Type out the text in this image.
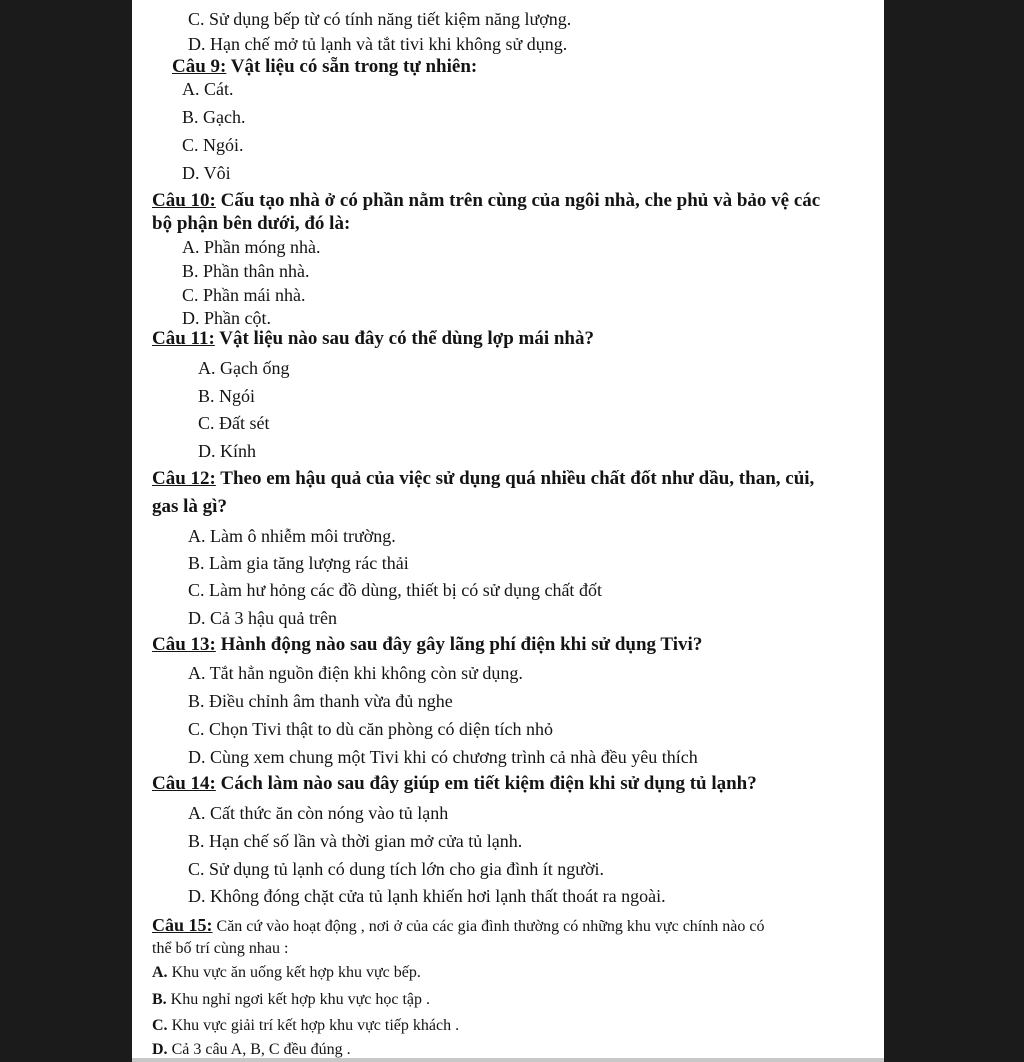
C. Sử dụng bếp từ có tính năng tiết kiệm năng lượng.
D. Hạn chế mở tủ lạnh và tắt tivi khi không sử dụng.
Câu 9: Vật liệu có sẵn trong tự nhiên:
A. Cát.
B. Gạch.
C. Ngói.
D. Vôi
Câu 10: Cấu tạo nhà ở có phần nằm trên cùng của ngôi nhà, che phủ và bảo vệ các
bộ phận bên dưới, đó là:
A. Phần móng nhà.
B. Phần thân nhà.
C. Phần mái nhà.
D. Phần cột.
Câu 11: Vật liệu nào sau đây có thể dùng lợp mái nhà?
A. Gạch ống
B. Ngói
C. Đất sét
D. Kính
Câu 12: Theo em hậu quả của việc sử dụng quá nhiều chất đốt như dầu, than, củi,
gas là gì?
A. Làm ô nhiễm môi trường.
B. Làm gia tăng lượng rác thải
C. Làm hư hỏng các đồ dùng, thiết bị có sử dụng chất đốt
D. Cả 3 hậu quả trên
Câu 13: Hành động nào sau đây gây lãng phí điện khi sử dụng Tivi?
A. Tắt hẳn nguồn điện khi không còn sử dụng.
B. Điều chỉnh âm thanh vừa đủ nghe
C. Chọn Tivi thật to dù căn phòng có diện tích nhỏ
D. Cùng xem chung một Tivi khi có chương trình cả nhà đều yêu thích
Câu 14: Cách làm nào sau đây giúp em tiết kiệm điện khi sử dụng tủ lạnh?
A. Cất thức ăn còn nóng vào tủ lạnh
B. Hạn chế số lần và thời gian mở cửa tủ lạnh.
C. Sử dụng tủ lạnh có dung tích lớn cho gia đình ít người.
D. Không đóng chặt cửa tủ lạnh khiến hơi lạnh thất thoát ra ngoài.
Câu 15: Căn cứ vào hoạt động , nơi ở của các gia đình thường có những khu vực chính nào có
thể bố trí cùng nhau :
A. Khu vực ăn uống kết hợp khu vực bếp.
B. Khu nghỉ ngơi kết hợp khu vực học tập .
C. Khu vực giải trí kết hợp khu vực tiếp khách .
D. Cả 3 câu A, B, C đều đúng .
